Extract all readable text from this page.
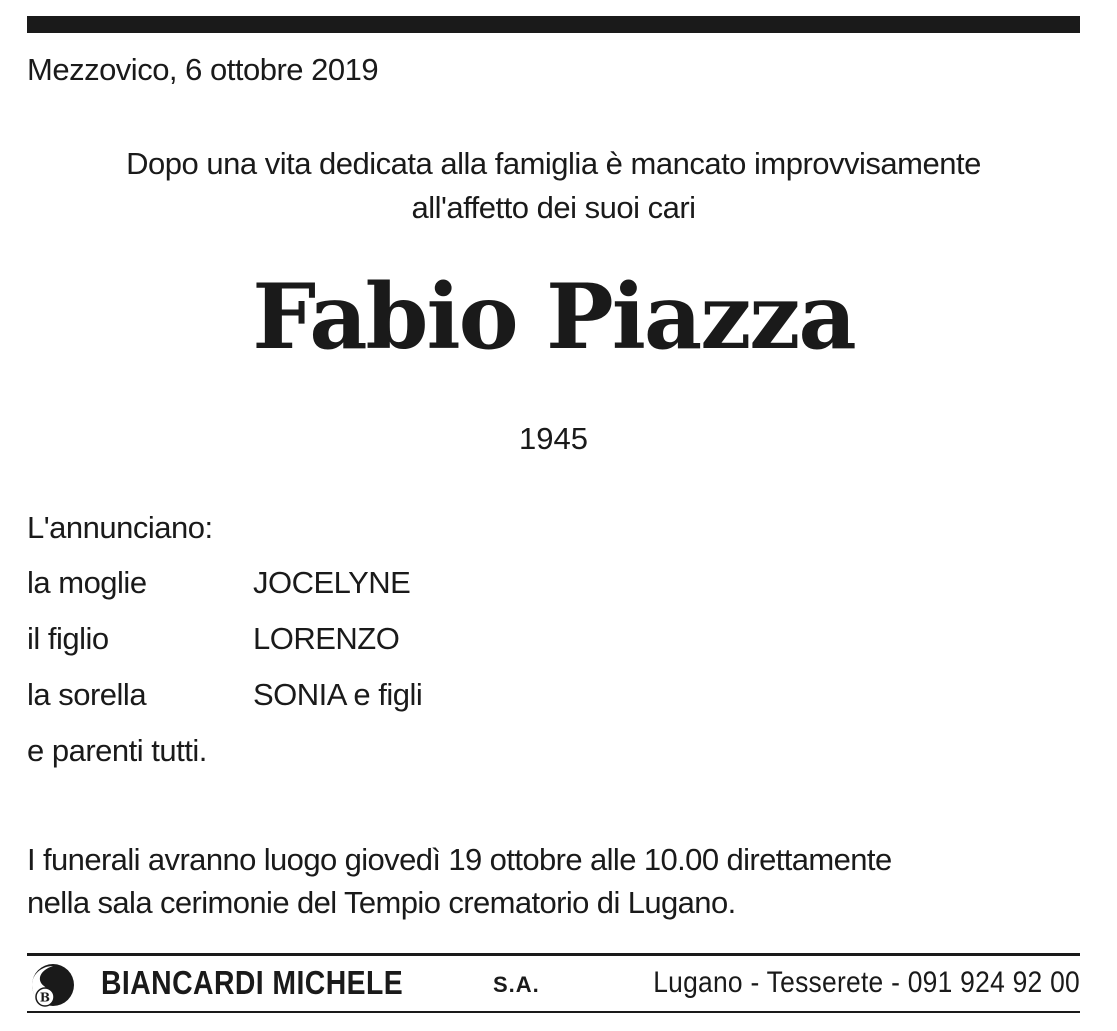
Mezzovico, 6 ottobre 2019
Dopo una vita dedicata alla famiglia è mancato improvvisamente
all'affetto dei suoi cari
Fabio Piazza
1945
L'annunciano:
la moglie	JOCELYNE
il figlio	LORENZO
la sorella	SONIA e figli
e parenti tutti.
I funerali avranno luogo giovedì 19 ottobre alle 10.00 direttamente
nella sala cerimonie del Tempio crematorio di Lugano.
B BIANCARDI MICHELE	S.A.	Lugano - Tesserete - 091 924 92 00
